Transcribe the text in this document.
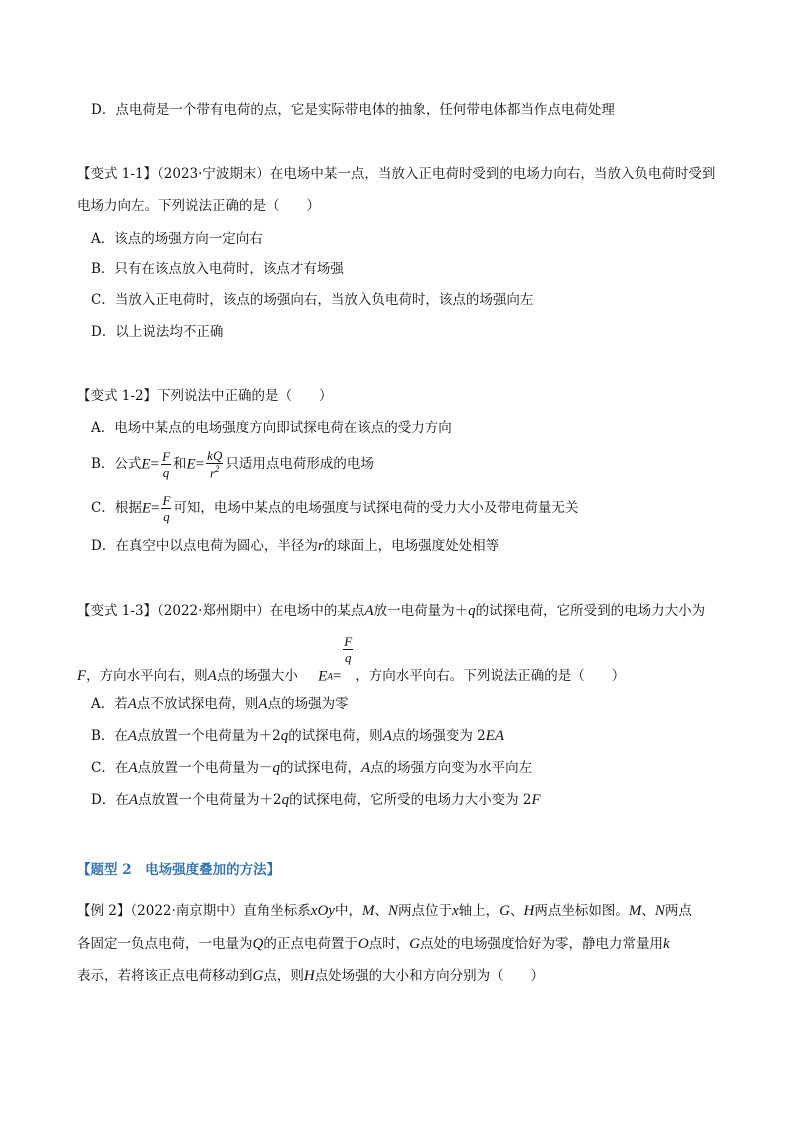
D．点电荷是一个带有电荷的点，它是实际带电体的抽象，任何带电体都当作点电荷处理
【变式 1-1】（2023·宁波期末）在电场中某一点，当放入正电荷时受到的电场力向右，当放入负电荷时受到
电场力向左。下列说法正确的是（　　）
A．该点的场强方向一定向右
B．只有在该点放入电荷时，该点才有场强
C．当放入正电荷时，该点的场强向右，当放入负电荷时，该点的场强向左
D．以上说法均不正确
【变式 1-2】下列说法中正确的是（　　）
A．电场中某点的电场强度方向即试探电荷在该点的受力方向
B．公式$E= \frac{F}{q}$ 和$E= \frac{kQ}{r^2}$ 只适用点电荷形成的电场
C．根据$E= \frac{F}{q}$ 可知，电场中某点的电场强度与试探电荷的受力大小及带电荷量无关
D．在真空中以点电荷为圆心，半径为r的球面上，电场强度处处相等
【变式 1-3】（2022·郑州期中）在电场中的某点A放一电荷量为＋q的试探电荷，它所受到的电场力大小为
F，方向水平向右，则A点的场强大小 EA=
$\frac{F}{q}$
，方向水平向右。下列说法正确的是（　　）
A．若A点不放试探电荷，则A点的场强为零
B．在A点放置一个电荷量为＋2q的试探电荷，则A点的场强变为 2EA
C．在A点放置一个电荷量为－q的试探电荷，A点的场强方向变为水平向左
D．在A点放置一个电荷量为＋2q的试探电荷，它所受的电场力大小变为 2F
【题型 2　电场强度叠加的方法】
【例 2】（2022·南京期中）直角坐标系xOy中，M、N两点位于x轴上，G、H两点坐标如图。M、N两点
各固定一负点电荷，一电量为Q的正点电荷置于O点时，G点处的电场强度恰好为零，静电力常量用k
表示，若将该正点电荷移动到G点，则H点处场强的大小和方向分别为（　　）
